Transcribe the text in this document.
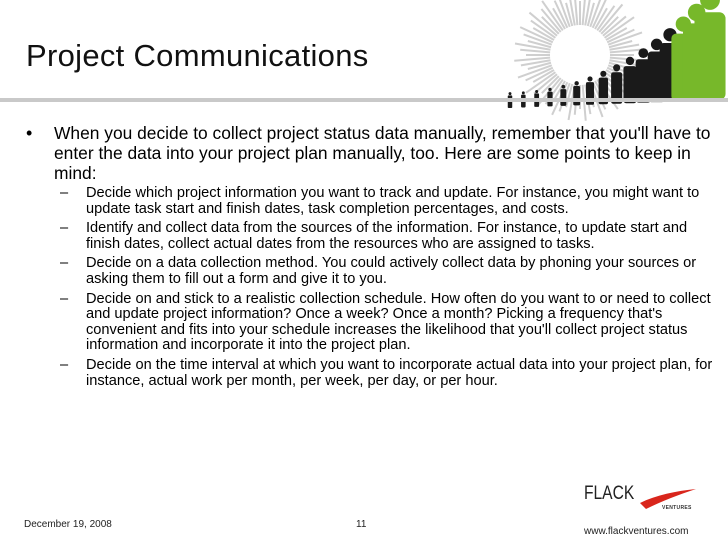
Project Communications
•	When you decide to collect project status data manually, remember that you'll have to enter the data into your project plan manually, too. Here are some points to keep in mind:
–	Decide which project information you want to track and update. For instance, you might want to update task start and finish dates, task completion percentages, and costs.
–	Identify and collect data from the sources of the information. For instance, to update start and finish dates, collect actual dates from the resources who are assigned to tasks.
–	Decide on a data collection method. You could actively collect data by phoning your sources or asking them to fill out a form and give it to you.
–	Decide on and stick to a realistic collection schedule. How often do you want to or need to collect and update project information? Once a week? Once a month? Picking a frequency that's convenient and fits into your schedule increases the likelihood that you'll collect project status information and incorporate it into the project plan.
–	Decide on the time interval at which you want to incorporate actual data into your project plan, for instance, actual work per month, per week, per day, or per hour.
December 19, 2008	11
FLACK
VENTURES
www.flackventures.com
